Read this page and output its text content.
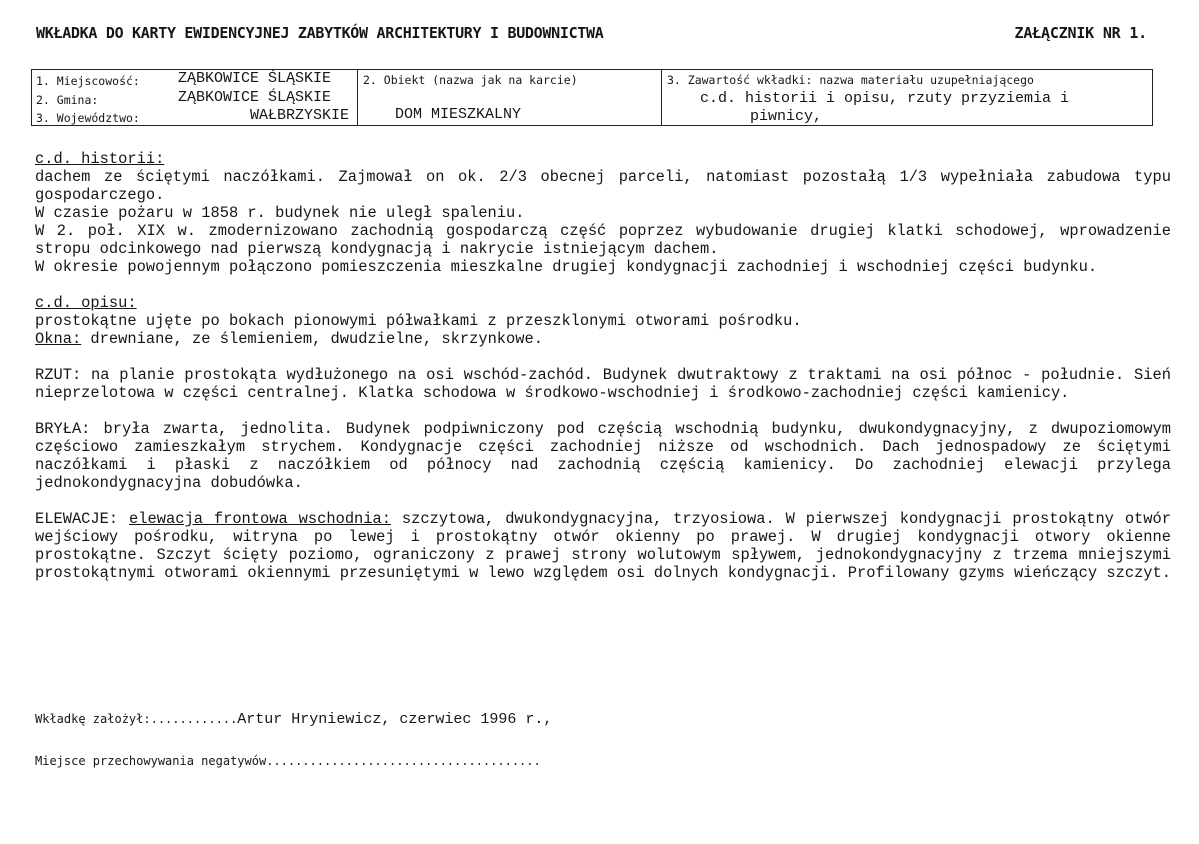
WKŁADKA DO KARTY EWIDENCYJNEJ ZABYTKÓW ARCHITEKTURY I BUDOWNICTWA	ZAŁĄCZNIK NR 1.
1. Miejscowość:	ZĄBKOWICE ŚLĄSKIE
2. Gmina:	ZĄBKOWICE ŚLĄSKIE
3. Województwo:	WAŁBRZYSKIE
2. Obiekt (nazwa jak na karcie)
DOM MIESZKALNY
3. Zawartość wkładki: nazwa materiału uzupełniającego
c.d. historii i opisu, rzuty przyziemia i
piwnicy,
c.d. historii:

dachem ze ściętymi naczółkami. Zajmował on ok. 2/3 obecnej parceli, natomiast pozostałą 1/3 wypełniała zabudowa typu gospodarczego.

W czasie pożaru w 1858 r. budynek nie uległ spaleniu.

W 2. poł. XIX w. zmodernizowano zachodnią gospodarczą część poprzez wybudowanie drugiej klatki schodowej, wprowadzenie stropu odcinkowego nad pierwszą kondygnacją i nakrycie istniejącym dachem.

W okresie powojennym połączono pomieszczenia mieszkalne drugiej kondygnacji zachodniej i wschodniej części budynku.

c.d. opisu:

prostokątne ujęte po bokach pionowymi półwałkami z przeszklonymi otworami pośrodku.

Okna: drewniane, ze ślemieniem, dwudzielne, skrzynkowe.

RZUT: na planie prostokąta wydłużonego na osi wschód-zachód. Budynek dwutraktowy z traktami na osi północ - południe. Sień nieprzelotowa w części centralnej. Klatka schodowa w środkowo-wschodniej i środkowo-zachodniej części kamienicy.

BRYŁA: bryła zwarta, jednolita. Budynek podpiwniczony pod częścią wschodnią budynku, dwukondygnacyjny, z dwupoziomowym częściowo zamieszkałym strychem. Kondygnacje części zachodniej niższe od wschodnich. Dach jednospadowy ze ściętymi naczółkami i płaski z naczółkiem od północy nad zachodnią częścią kamienicy. Do zachodniej elewacji przylega jednokondygnacyjna dobudówka.

ELEWACJE: elewacja frontowa wschodnia: szczytowa, dwukondygnacyjna, trzyosiowa. W pierwszej kondygnacji prostokątny otwór wejściowy pośrodku, witryna po lewej i prostokątny otwór okienny po prawej. W drugiej kondygnacji otwory okienne prostokątne. Szczyt ścięty poziomo, ograniczony z prawej strony wolutowym spływem, jednokondygnacyjny z trzema mniejszymi prostokątnymi otworami okiennymi przesuniętymi w lewo względem osi dolnych kondygnacji. Profilowany gzyms wieńczący szczyt.

Wkładkę założył:............Artur Hryniewicz, czerwiec 1996 r.,
Miejsce przechowywania negatywów......................................
